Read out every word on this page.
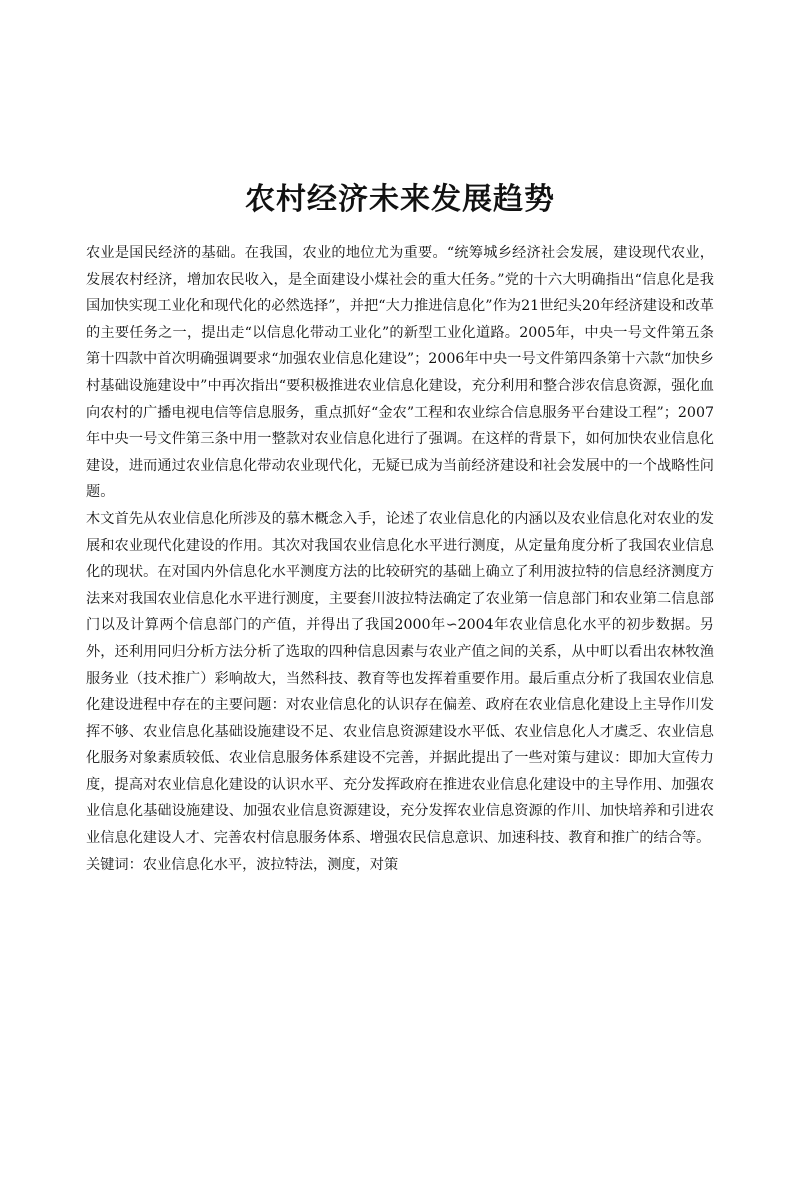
农村经济未来发展趋势

农业是国民经济的基础。在我国，农业的地位尤为重要。“统筹城乡经济社会发展，建设现代农业，发展农村经济，增加农民收入，是全面建设小煤社会的重大任务。”党的十六大明确指出“信息化是我国加快实现工业化和现代化的必然选择”，并把“大力推进信息化”作为21世纪头20年经济建设和改革的主要任务之一，提出走“以信息化带动工业化”的新型工业化道路。2005年，中央一号文件第五条第十四款中首次明确强调要求“加强农业信息化建设”；2006年中央一号文件第四条第十六款“加快乡村基础设施建设中”中再次指出“要积极推进农业信息化建设，充分利用和整合涉农信息资源，强化血向农村的广播电视电信等信息服务，重点抓好“金农”工程和农业综合信息服务平台建设工程”；2007年中央一号文件第三条中用一整款对农业信息化进行了强调。在这样的背景下，如何加快农业信息化建设，进而通过农业信息化带动农业现代化，无疑已成为当前经济建设和社会发展中的一个战略性问题。

木文首先从农业信息化所涉及的慕木概念入手，论述了农业信息化的内涵以及农业信息化对农业的发展和农业现代化建设的作用。其次对我国农业信息化水平进行测度，从定量角度分析了我国农业信息化的现状。在对国内外信息化水平测度方法的比较研究的基础上确立了利用波拉特的信息经济测度方法来对我国农业信息化水平进行测度，主要套川波拉特法确定了农业第一信息部门和农业第二信息部门以及计算两个信息部门的产值，并得出了我国2000年∽2004年农业信息化水平的初步数据。另外，还利用冋归分析方法分析了选取的四种信息因素与农业产值之间的关系，从中町以看出农林牧渔服务业（技术推广）彩响故大，当然科技、教育等也发挥着重要作用。最后重点分析了我国农业信息化建设进程中存在的主要问题：对农业信息化的认识存在偏差、政府在农业信息化建设上主导作川发挥不够、农业信息化基础设施建设不足、农业信息资源建设水平低、农业信息化人才虞乏、农业信息化服务对象素质较低、农业信息服务体系建设不完善，并据此提出了一些对策与建议：即加大宣传力度，提高对农业信息化建设的认识水平、充分发挥政府在推进农业信息化建设中的主导作用、加强农业信息化基础设施建设、加强农业信息资源建设，充分发挥农业信息资源的作川、加快培养和引进农业信息化建设人才、完善农村信息服务体系、增强农民信息意识、加速科技、教育和推广的结合等。

关键词：农业信息化水平，波拉特法，测度，对策
